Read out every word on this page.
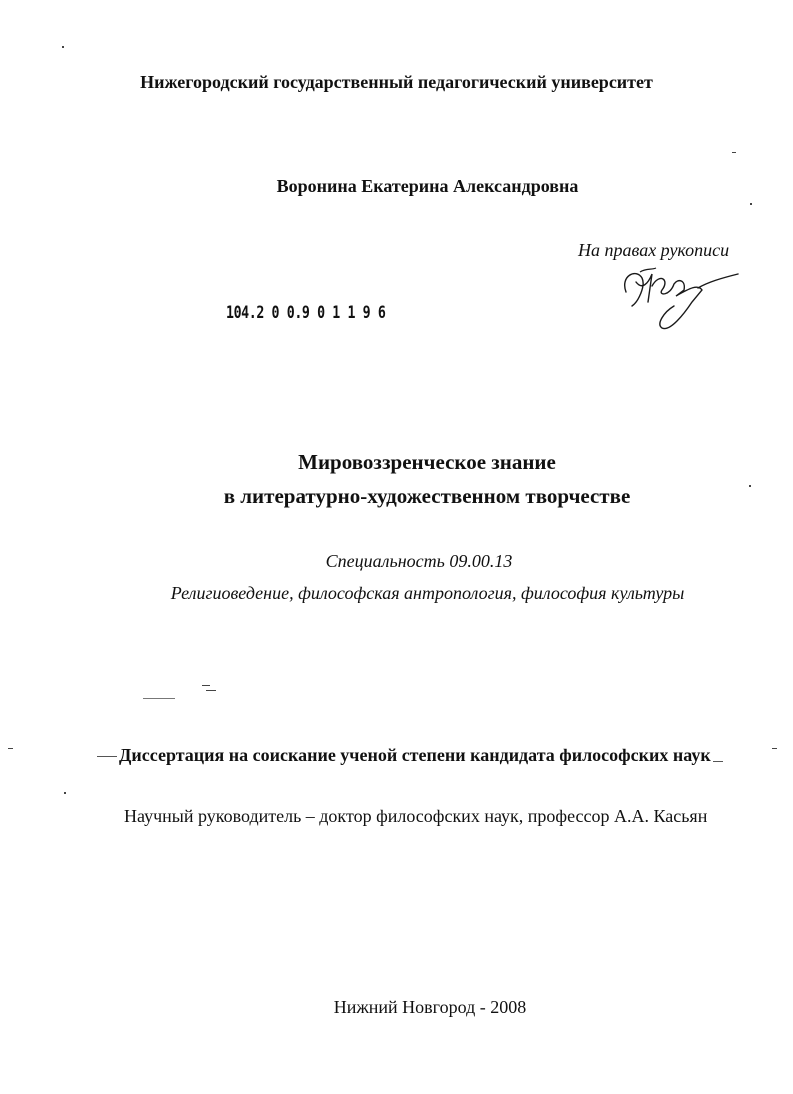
Нижегородский государственный педагогический университет
Воронина Екатерина Александровна
На правах рукописи
104.2 0 0.9 0 1 1 9 6
Мировоззренческое знание
в литературно-художественном творчестве
Специальность 09.00.13
Религиоведение, философская антропология, философия культуры
Диссертация на соискание ученой степени кандидата философских наук
Научный руководитель – доктор философских наук, профессор А.А. Касьян
Нижний Новгород - 2008
